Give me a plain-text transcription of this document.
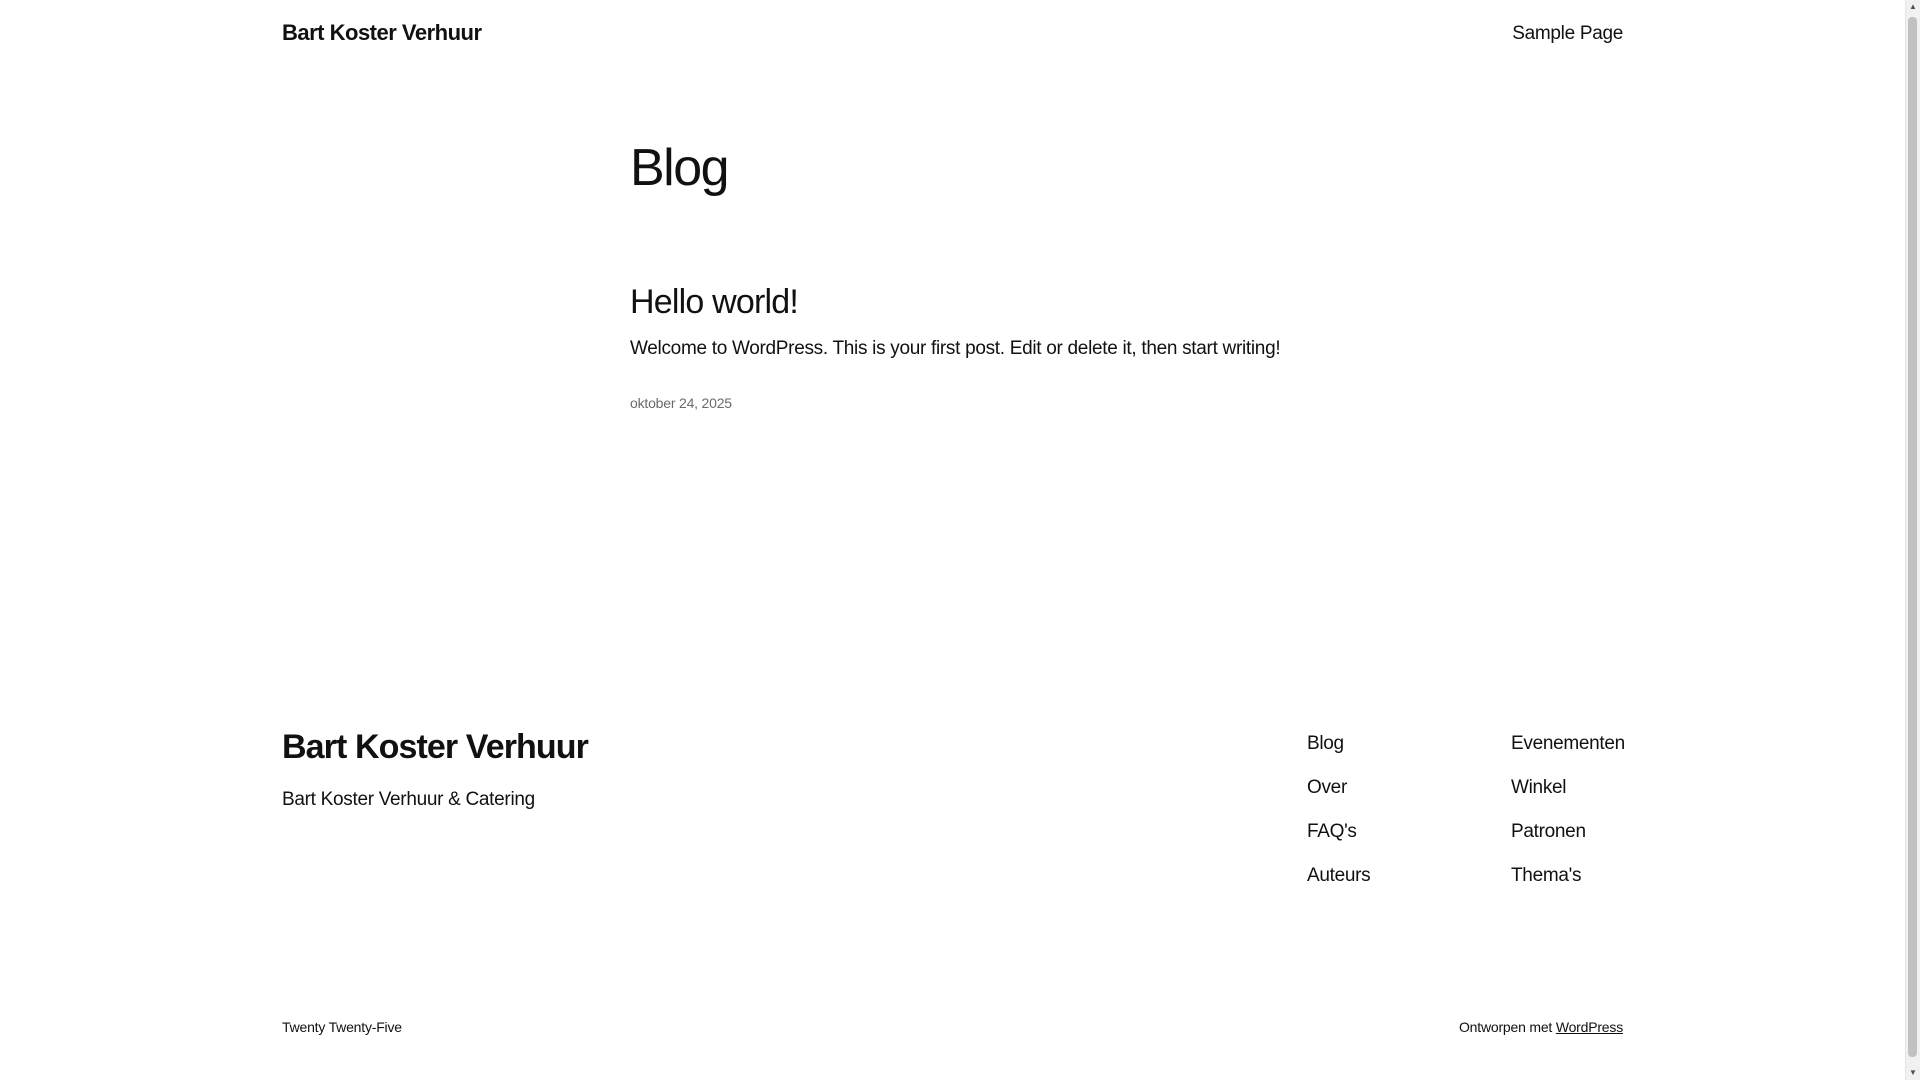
Bart Koster Verhuur	Sample Page
Blog
Hello world!

Welcome to WordPress. This is your first post. Edit or delete it, then start writing!

oktober 24, 2025
Bart Koster Verhuur
Bart Koster Verhuur & Catering
Blog
Over
FAQ's
Auteurs
Evenementen
Winkel
Patronen
Thema's
Twenty Twenty-Five	Ontworpen met WordPress
▲
▼
